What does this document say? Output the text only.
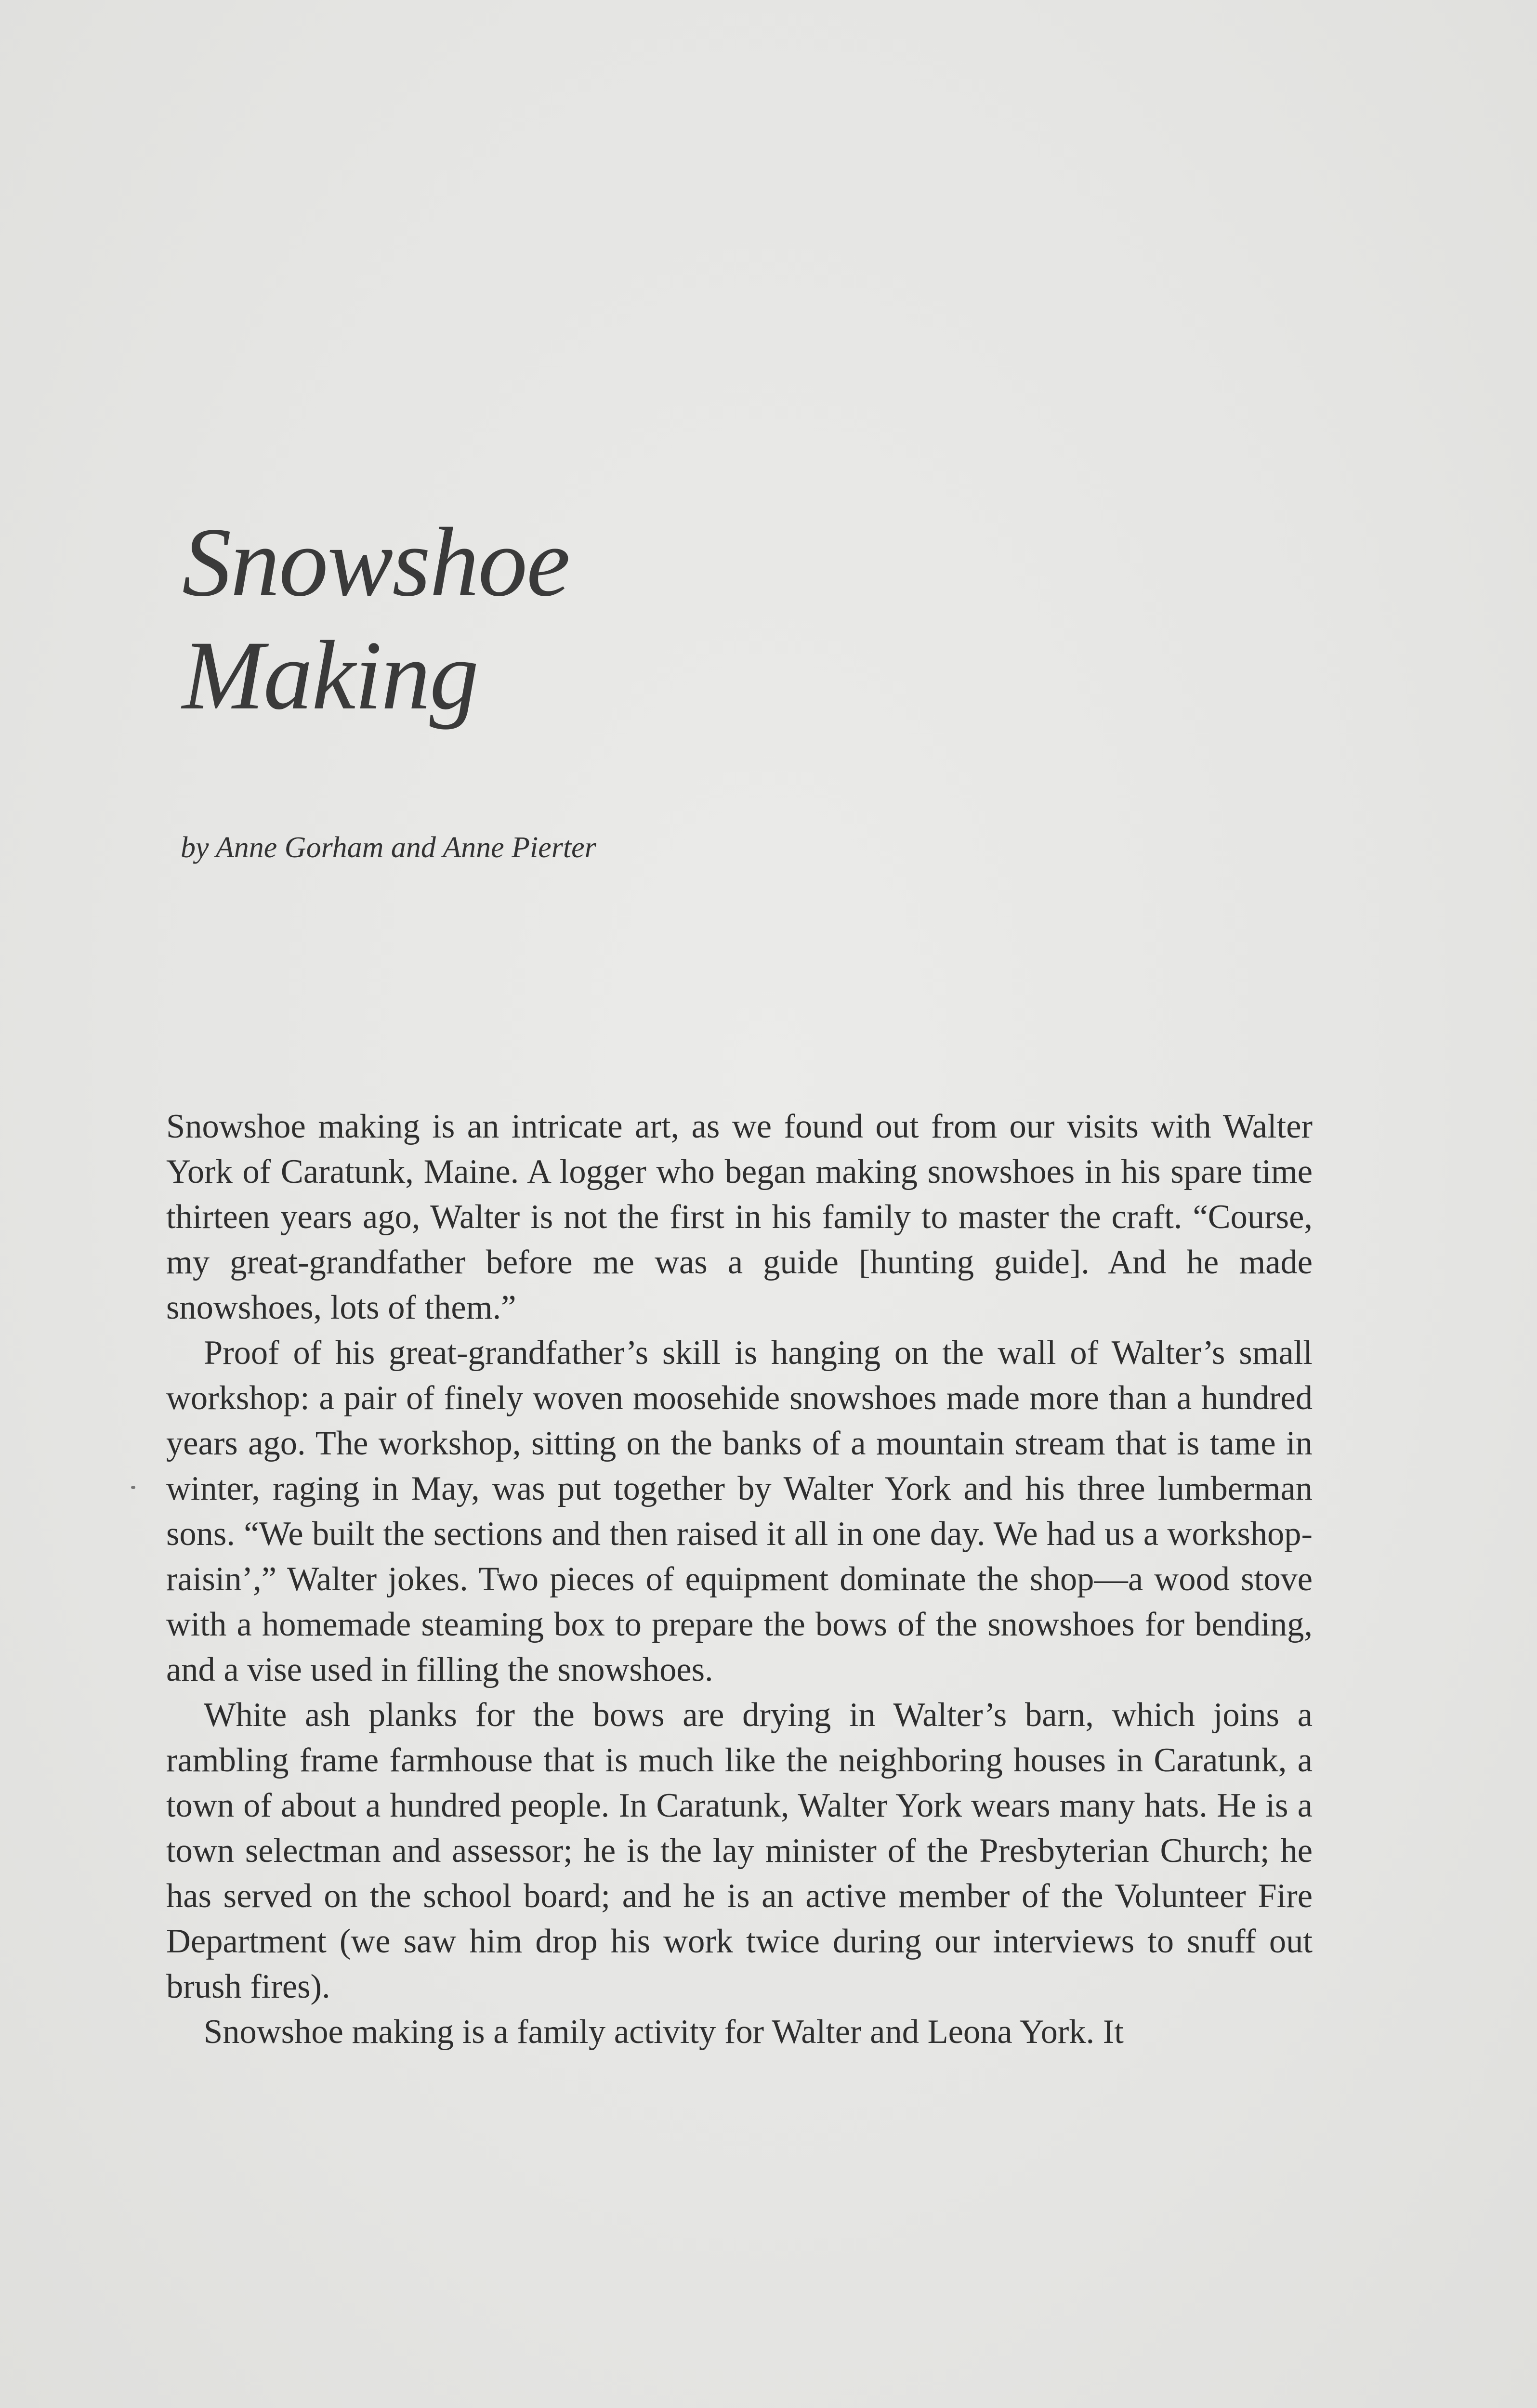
Snowshoe
Making

by Anne Gorham and Anne Pierter

Snowshoe making is an intricate art, as we found out from our visits with Walter York of Caratunk, Maine. A logger who began making snowshoes in his spare time thirteen years ago, Walter is not the first in his family to master the craft. “Course, my great-grandfather before me was a guide [hunting guide]. And he made snowshoes, lots of them.”

Proof of his great-grandfather’s skill is hanging on the wall of Walter’s small workshop: a pair of finely woven moosehide snowshoes made more than a hundred years ago. The workshop, sitting on the banks of a mountain stream that is tame in winter, raging in May, was put together by Walter York and his three lumberman sons. “We built the sections and then raised it all in one day. We had us a workshop-raisin’,” Walter jokes. Two pieces of equipment dominate the shop—a wood stove with a homemade steaming box to prepare the bows of the snowshoes for bending, and a vise used in filling the snowshoes.

White ash planks for the bows are drying in Walter’s barn, which joins a rambling frame farmhouse that is much like the neighboring houses in Caratunk, a town of about a hundred people. In Caratunk, Walter York wears many hats. He is a town selectman and assessor; he is the lay minister of the Presbyterian Church; he has served on the school board; and he is an active member of the Volunteer Fire Department (we saw him drop his work twice during our interviews to snuff out brush fires).

Snowshoe making is a family activity for Walter and Leona York. It
